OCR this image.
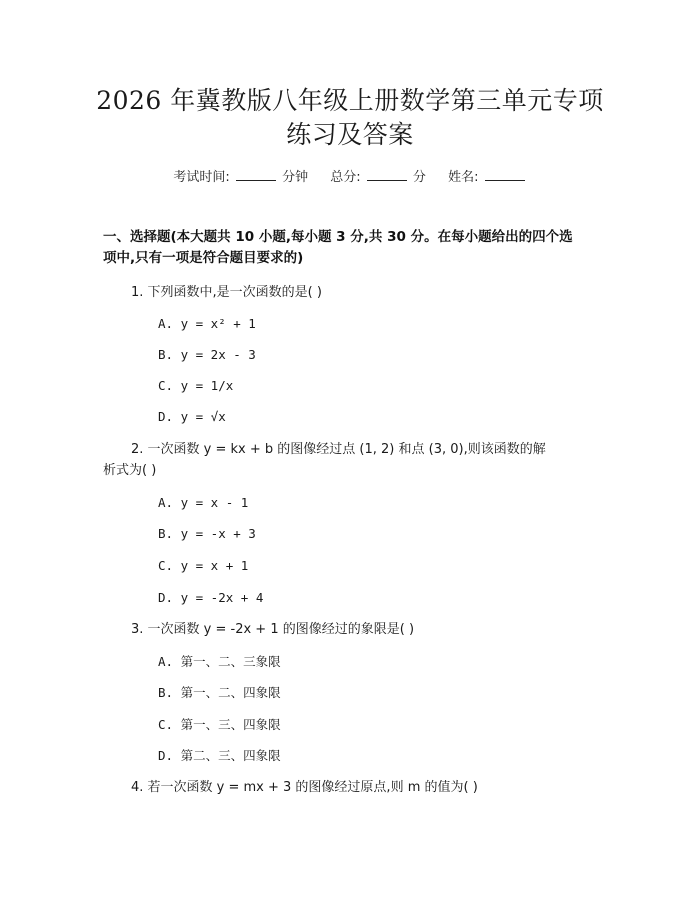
2026 年冀教版八年级上册数学第三单元专项
练习及答案
考试时间:	分钟 总分:	分 姓名:
一、选择题(本大题共 10 小题,每小题 3 分,共 30 分。在每小题给出的四个选
项中,只有一项是符合题目要求的)
1. 下列函数中,是一次函数的是( )
A. y = x² + 1
B. y = 2x - 3
C. y = 1/x
D. y = √x
2. 一次函数 y = kx + b 的图像经过点 (1, 2) 和点 (3, 0),则该函数的解
析式为( )
A. y = x - 1
B. y = -x + 3
C. y = x + 1
D. y = -2x + 4
3. 一次函数 y = -2x + 1 的图像经过的象限是( )
A. 第一、二、三象限
B. 第一、二、四象限
C. 第一、三、四象限
D. 第二、三、四象限
4. 若一次函数 y = mx + 3 的图像经过原点,则 m 的值为( )
